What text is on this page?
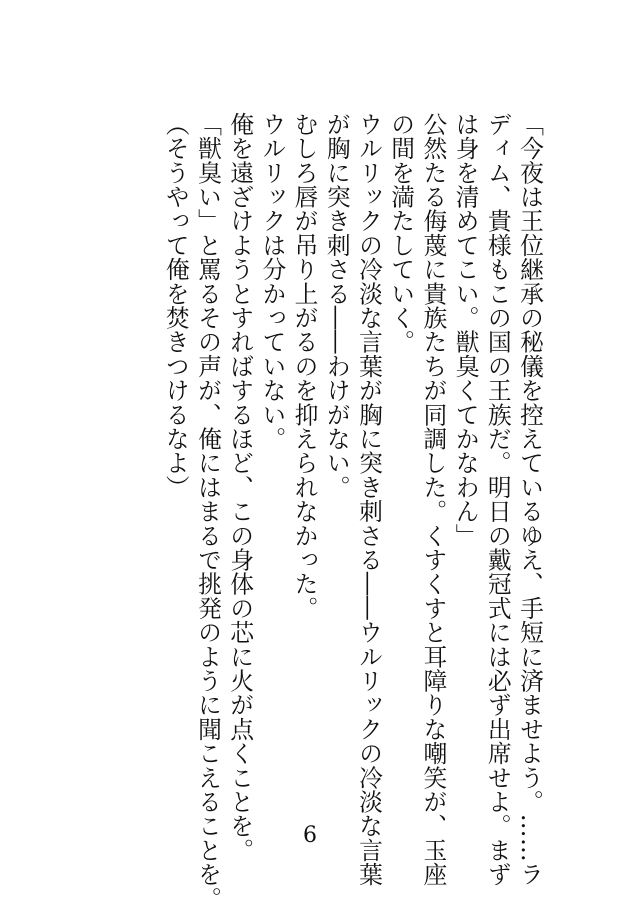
「今夜は王位継承の秘儀を控えているゆえ、手短に済ませよう。……ラ
ディム、貴様もこの国の王族だ。明日の戴冠式には必ず出席せよ。まず
は身を清めてこい。獣臭くてかなわん」
公然たる侮蔑に貴族たちが同調した。くすくすと耳障りな嘲笑が、玉座
の間を満たしていく。
ウルリックの冷淡な言葉が胸に突き刺さる――ウルリックの冷淡な言葉
が胸に突き刺さる――わけがない。
むしろ唇が吊り上がるのを抑えられなかった。
ウルリックは分かっていない。
俺を遠ざけようとすればするほど、この身体の芯に火が点くことを。
「獣臭い」と罵るその声が、俺にはまるで挑発のように聞こえることを。
（そうやって俺を焚きつけるなよ）
6
